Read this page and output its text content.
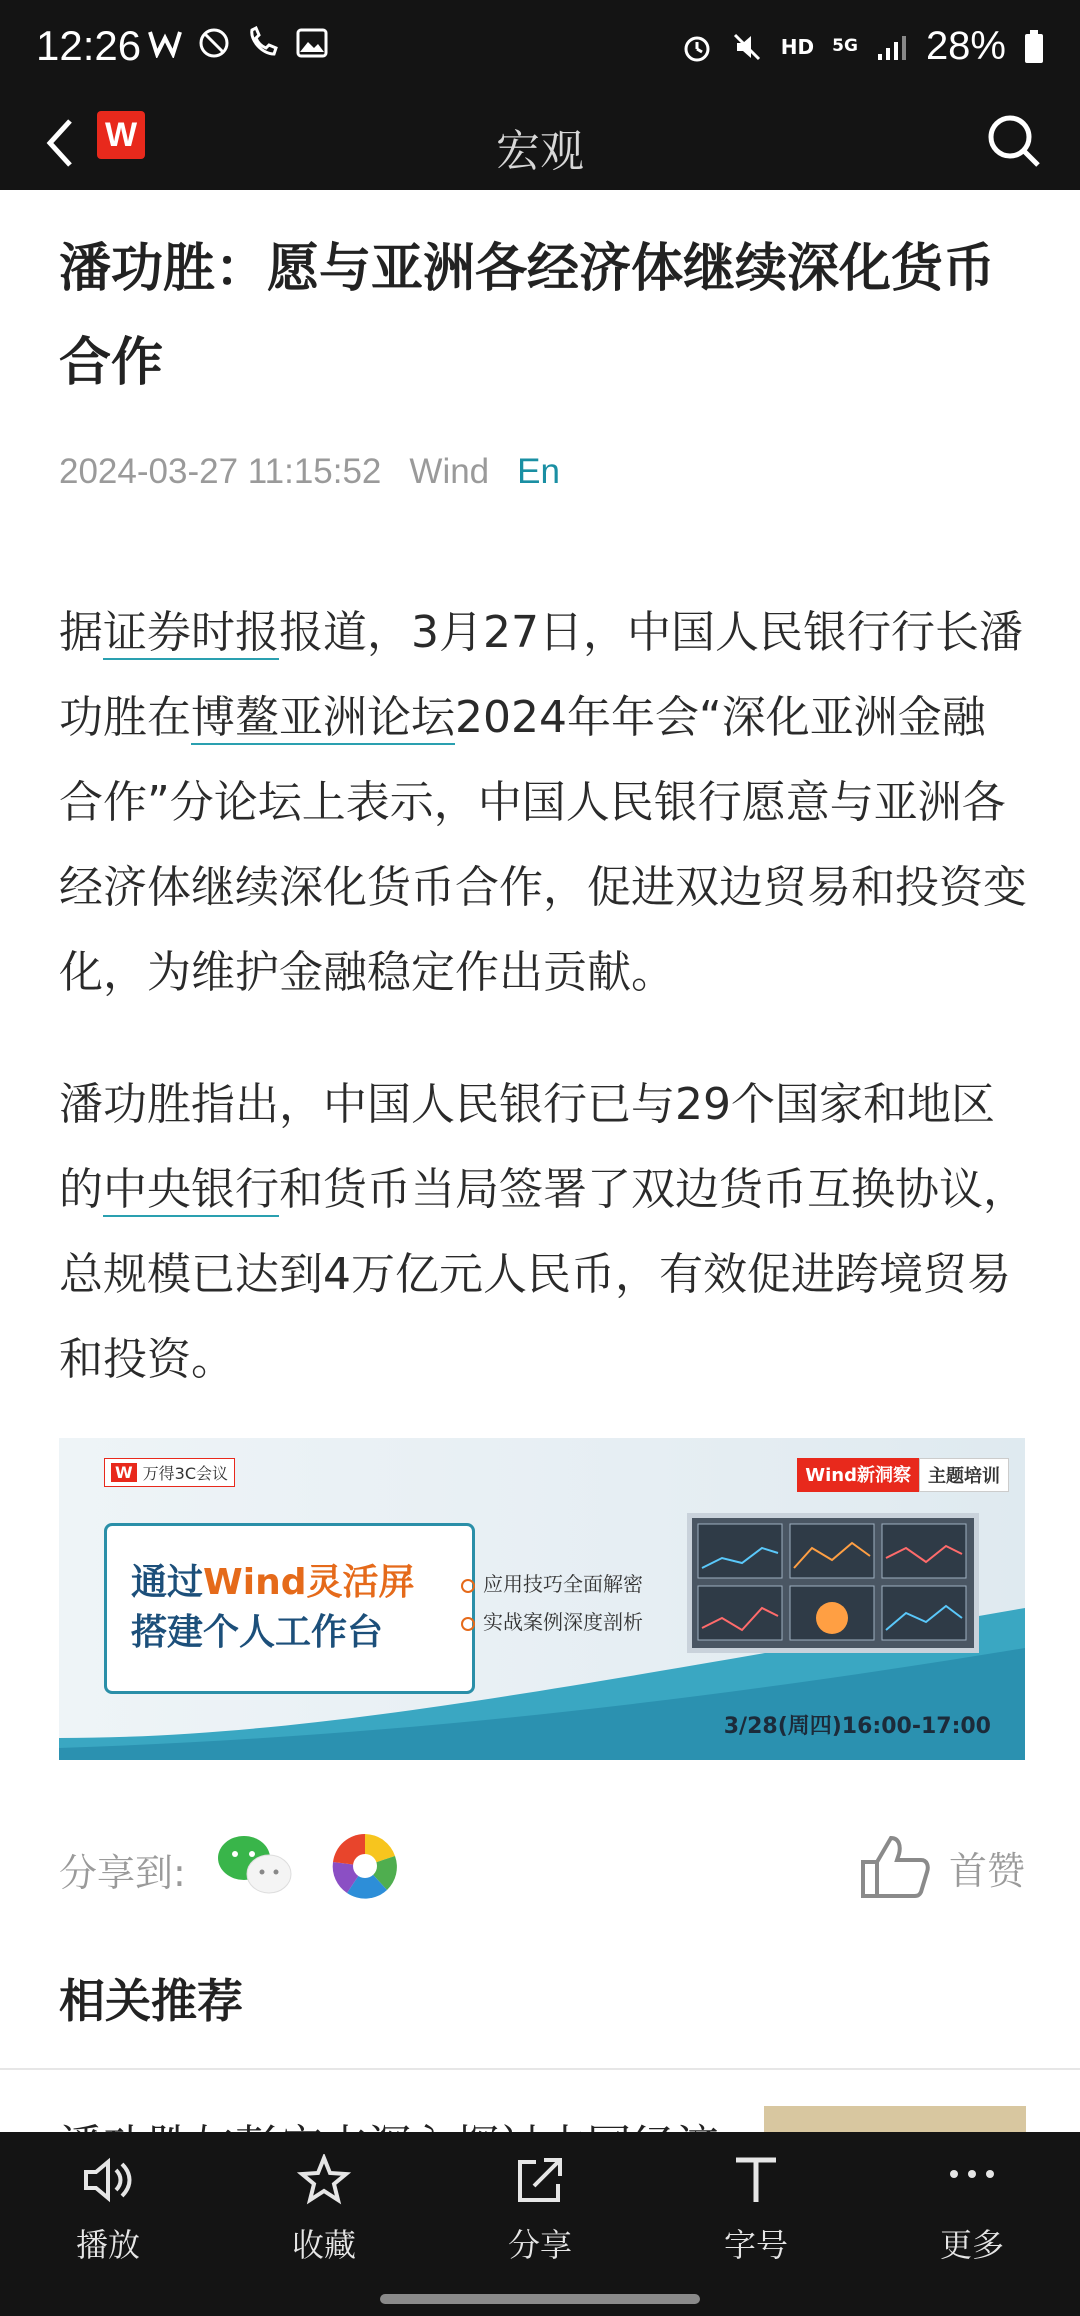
12:26	HD 5G 28%
W	宏观
潘功胜：愿与亚洲各经济体继续深化货币合作
2024-03-27 11:15:52 Wind En
据证券时报报道，3月27日，中国人民银行行长潘功胜在博鳌亚洲论坛2024年年会“深化亚洲金融合作”分论坛上表示，中国人民银行愿意与亚洲各经济体继续深化货币合作，促进双边贸易和投资变化，为维护金融稳定作出贡献。
潘功胜指出，中国人民银行已与29个国家和地区的中央银行和货币当局签署了双边货币互换协议，总规模已达到4万亿元人民币，有效促进跨境贸易和投资。
W 万得3C会议	Wind新洞察 主题培训
通过Wind灵活屏
搭建个人工作台
应用技巧全面解密
实战案例深度剖析
3/28(周四)16:00-17:00
分享到:	首赞
相关推荐
播放	收藏	分享	字号	更多
